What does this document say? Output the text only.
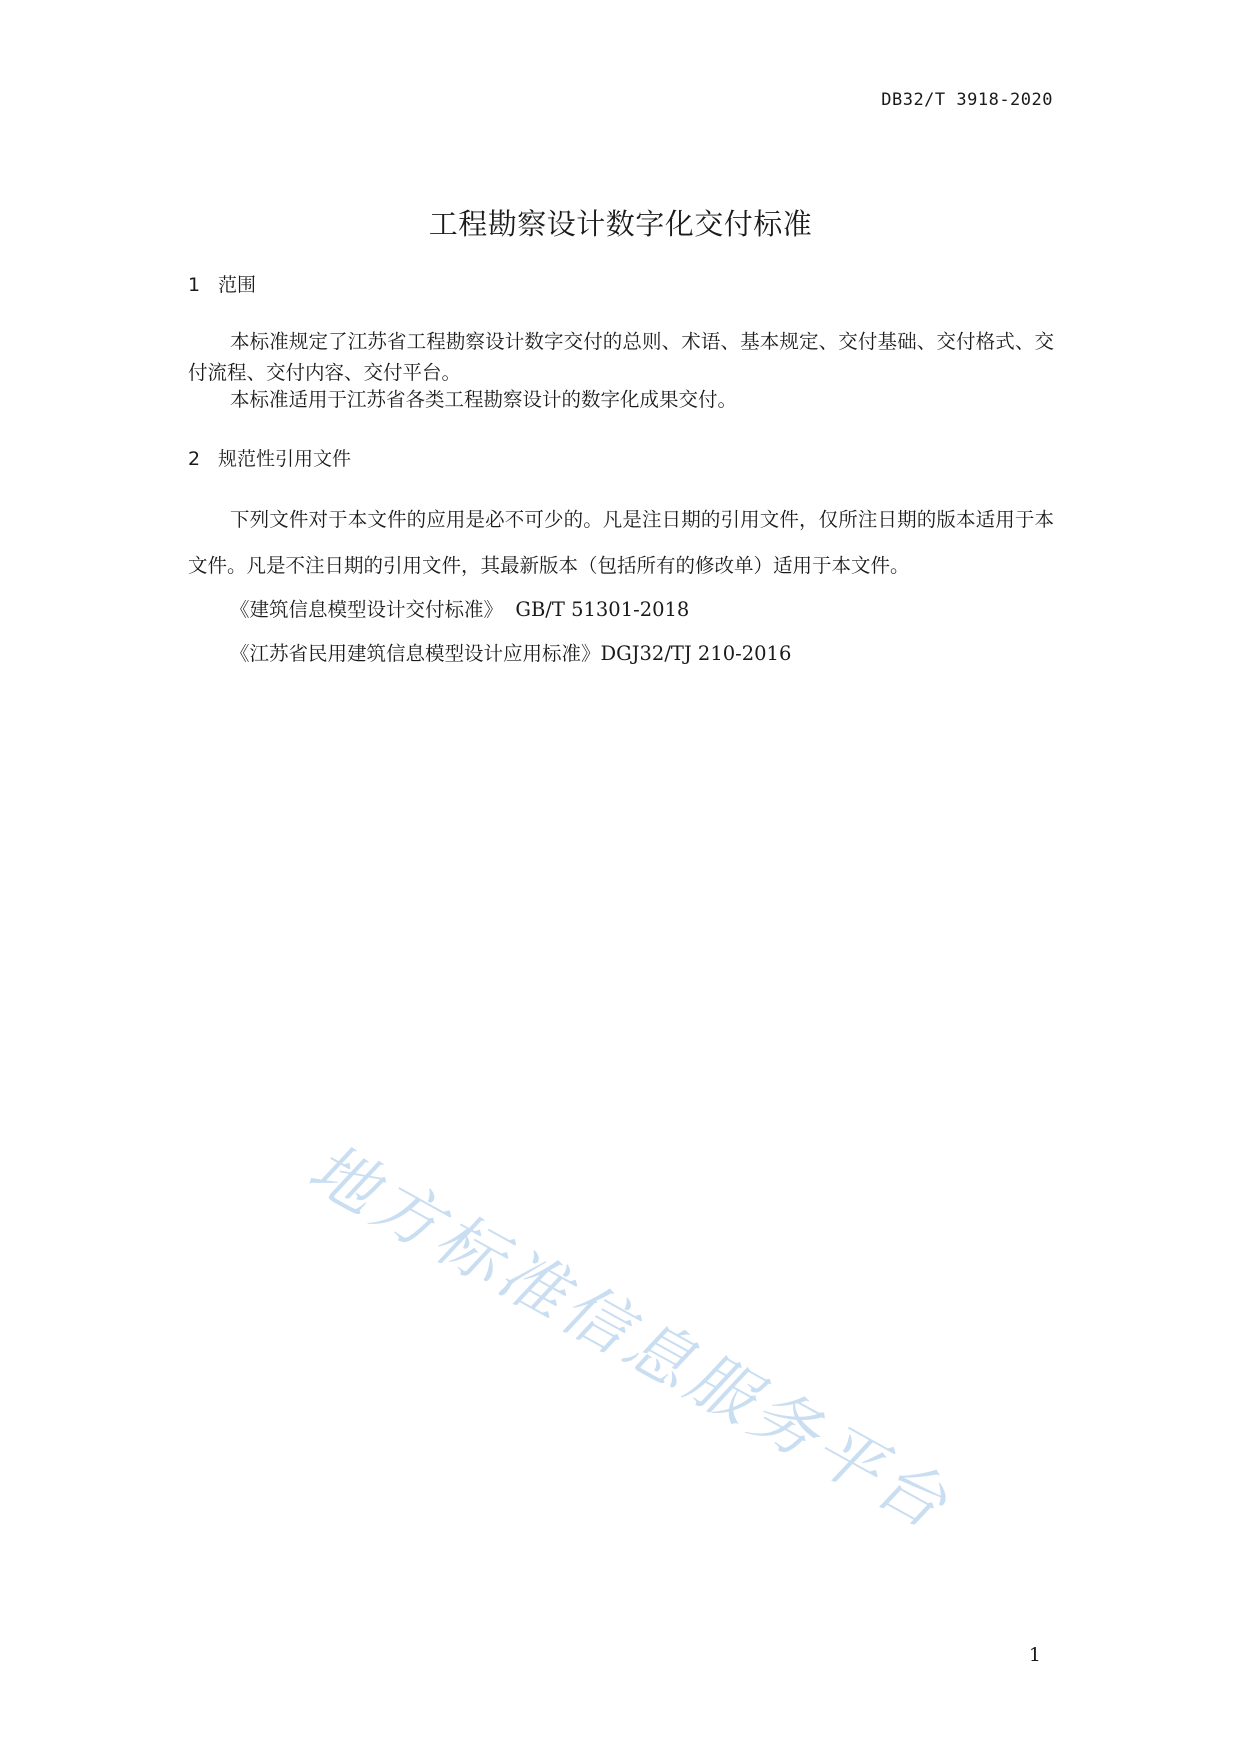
DB32/T 3918-2020
工程勘察设计数字化交付标准
1 范围

本标准规定了江苏省工程勘察设计数字交付的总则、术语、基本规定、交付基础、交付格式、交付流程、交付内容、交付平台。

本标准适用于江苏省各类工程勘察设计的数字化成果交付。

2 规范性引用文件

下列文件对于本文件的应用是必不可少的。凡是注日期的引用文件，仅所注日期的版本适用于本文件。凡是不注日期的引用文件，其最新版本（包括所有的修改单）适用于本文件。

《建筑信息模型设计交付标准》  GB/T 51301-2018
《江苏省民用建筑信息模型设计应用标准》DGJ32/TJ 210-2016
地方标准信息服务平台
1
